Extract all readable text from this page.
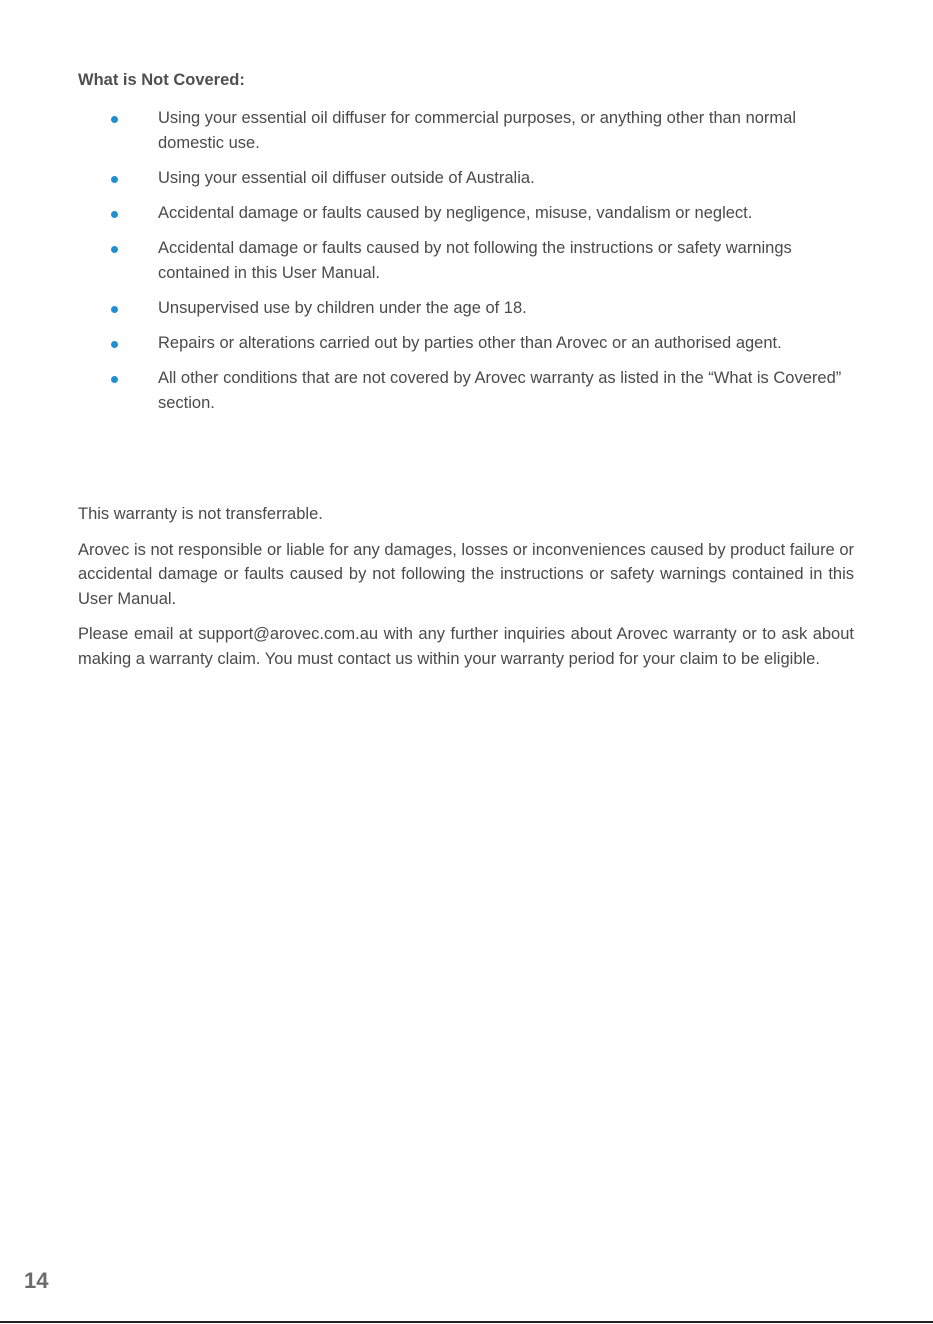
What is Not Covered:
Using your essential oil diffuser for commercial purposes, or anything other than normal domestic use.
Using your essential oil diffuser outside of Australia.
Accidental damage or faults caused by negligence, misuse, vandalism or neglect.
Accidental damage or faults caused by not following the instructions or safety warnings contained in this User Manual.
Unsupervised use by children under the age of 18.
Repairs or alterations carried out by parties other than Arovec or an authorised agent.
All other conditions that are not covered by Arovec warranty as listed in the “What is Covered” section.

This warranty is not transferrable.

Arovec is not responsible or liable for any damages, losses or inconveniences caused by product failure or accidental damage or faults caused by not following the instructions or safety warnings contained in this User Manual.

Please email at support@arovec.com.au with any further inquiries about Arovec warranty or to ask about making a warranty claim. You must contact us within your warranty period for your claim to be eligible.

14
